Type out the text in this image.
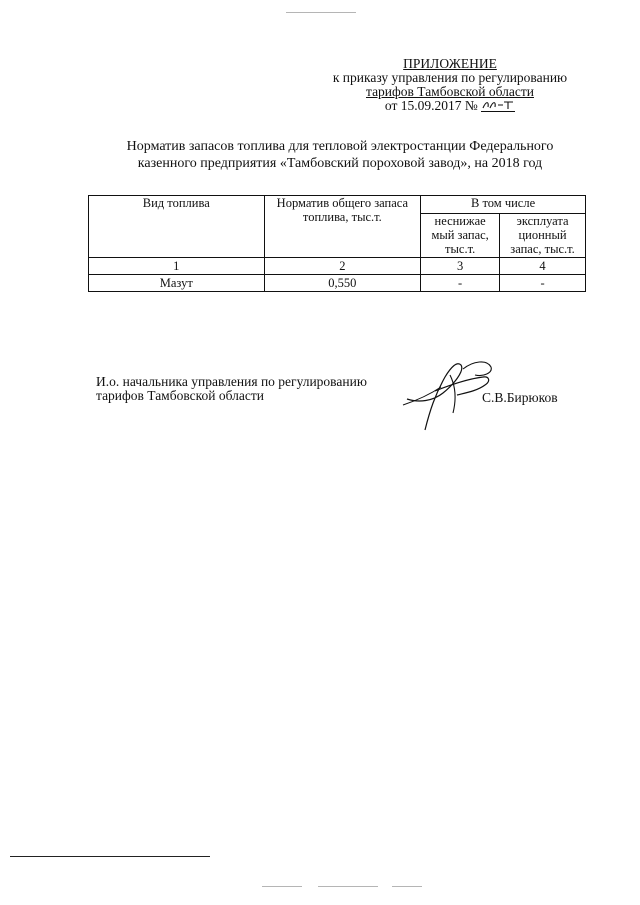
ПРИЛОЖЕНИЕ
к приказу управления по регулированию
тарифов Тамбовской области
от 15.09.2017 №
Норматив запасов топлива для тепловой электростанции Федерального
казенного предприятия «Тамбовский пороховой завод», на 2018 год
Вид топлива	Норматив общего запаса топлива, тыс.т.	В том числе	
		неснижае мый запас, тыс.т.	эксплуата ционный запас, тыс.т.
1	2	3	4
Мазут	0,550	-	-
И.о. начальника управления по регулированию
тарифов Тамбовской области	С.В.Бирюков
